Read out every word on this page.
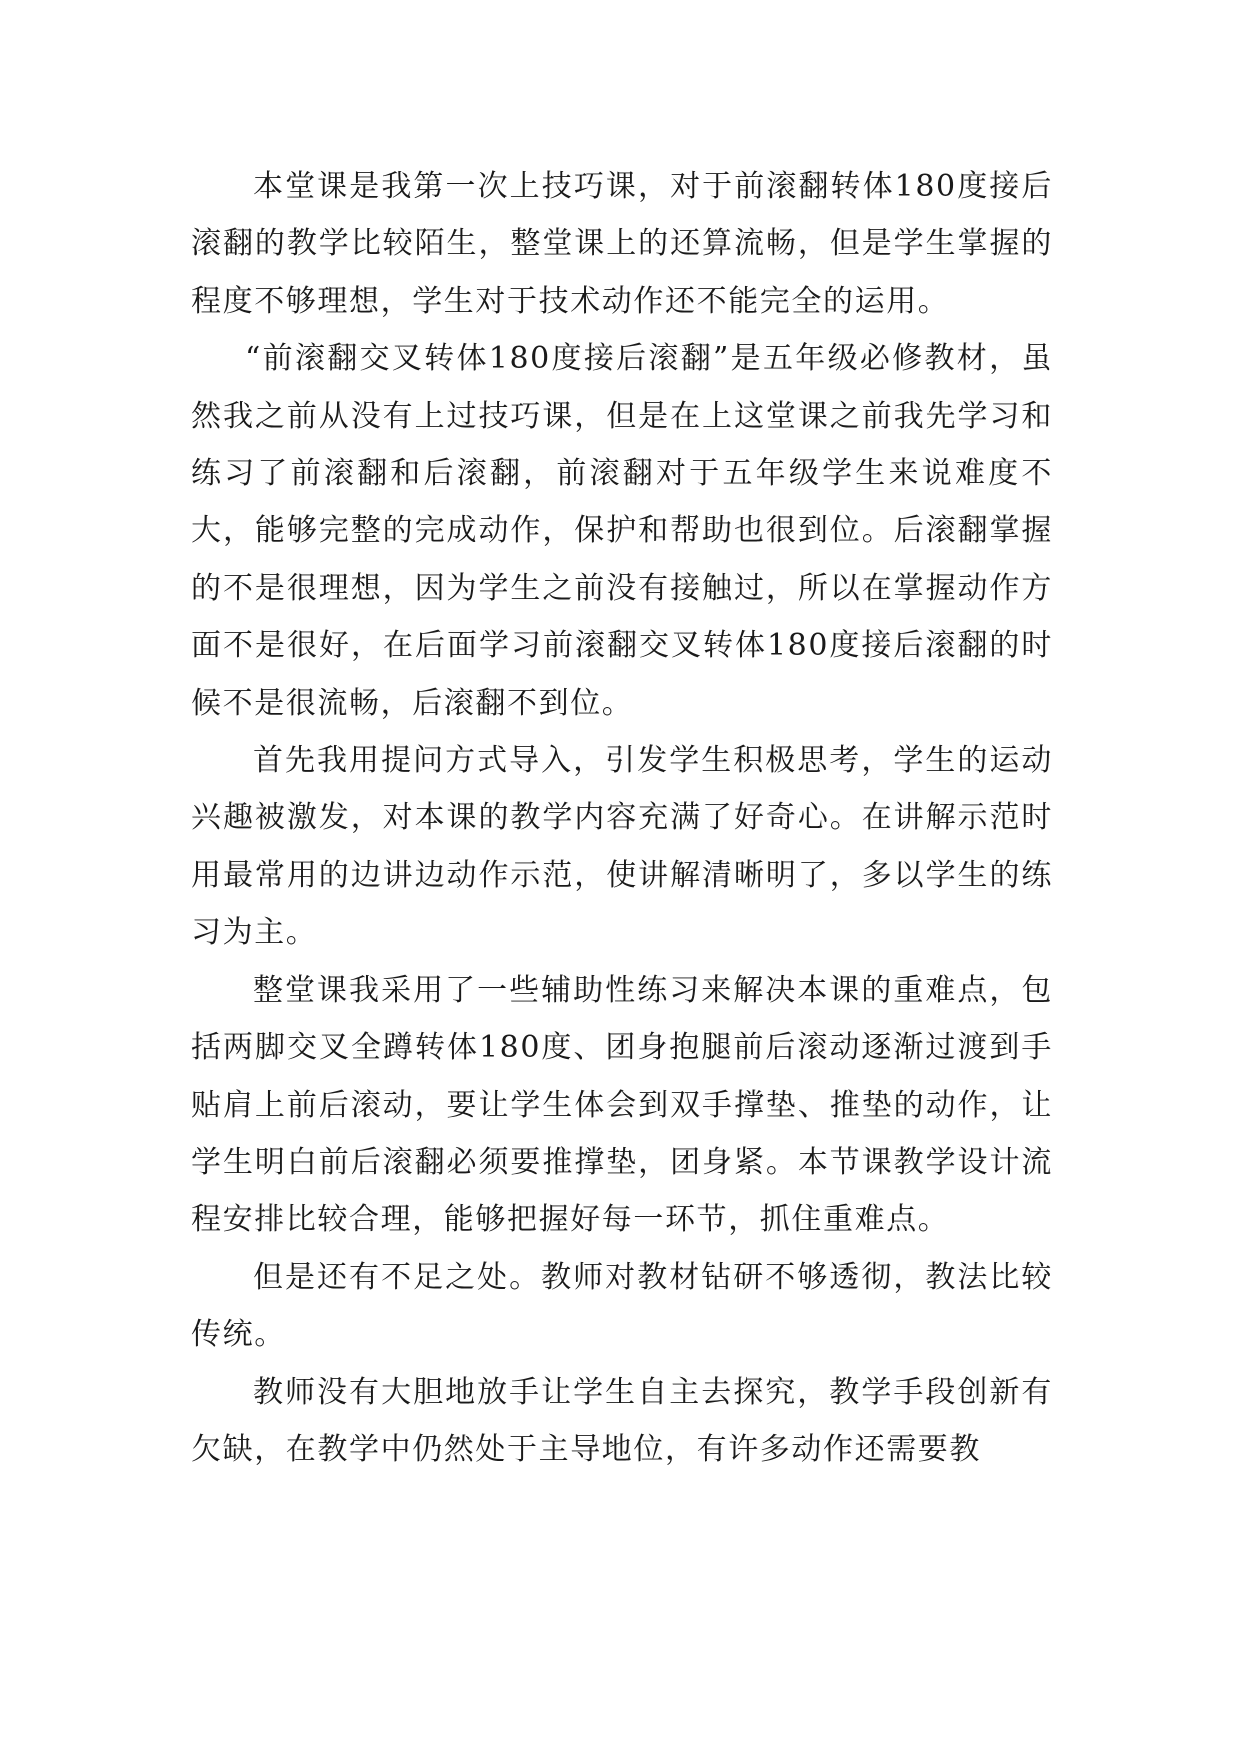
本堂课是我第一次上技巧课，对于前滚翻转体180度接后滚翻的教学比较陌生，整堂课上的还算流畅，但是学生掌握的程度不够理想，学生对于技术动作还不能完全的运用。

“前滚翻交叉转体180度接后滚翻”是五年级必修教材，虽然我之前从没有上过技巧课，但是在上这堂课之前我先学习和练习了前滚翻和后滚翻，前滚翻对于五年级学生来说难度不大，能够完整的完成动作，保护和帮助也很到位。后滚翻掌握的不是很理想，因为学生之前没有接触过，所以在掌握动作方面不是很好，在后面学习前滚翻交叉转体180度接后滚翻的时候不是很流畅，后滚翻不到位。

首先我用提问方式导入，引发学生积极思考，学生的运动兴趣被激发，对本课的教学内容充满了好奇心。在讲解示范时用最常用的边讲边动作示范，使讲解清晰明了，多以学生的练习为主。

整堂课我采用了一些辅助性练习来解决本课的重难点，包括两脚交叉全蹲转体180度、团身抱腿前后滚动逐渐过渡到手贴肩上前后滚动，要让学生体会到双手撑垫、推垫的动作，让学生明白前后滚翻必须要推撑垫，团身紧。本节课教学设计流程安排比较合理，能够把握好每一环节，抓住重难点。

但是还有不足之处。教师对教材钻研不够透彻，教法比较传统。

教师没有大胆地放手让学生自主去探究，教学手段创新有欠缺，在教学中仍然处于主导地位，有许多动作还需要教
